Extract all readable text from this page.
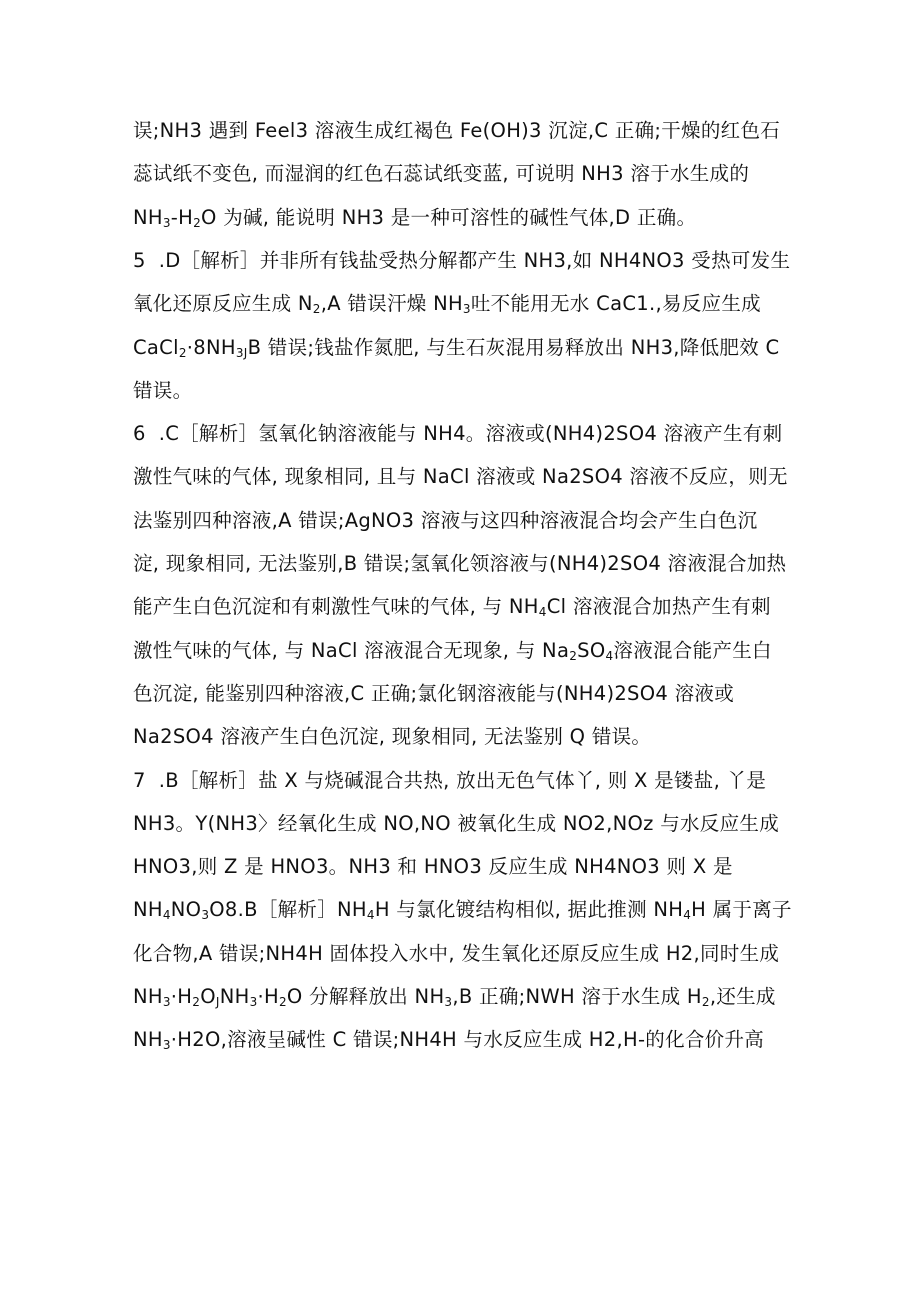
误;NH3 遇到 Feel3 溶液生成红褐色 Fe(OH)3 沉淀,C 正确;干燥的红色石

蕊试纸不变色, 而湿润的红色石蕊试纸变蓝, 可说明 NH3 溶于水生成的

$NH_3-H_2O$ 为碱, 能说明 NH3 是一种可溶性的碱性气体,D 正确。

5  .D［解析］并非所有钱盐受热分解都产生 NH3,如 NH4NO3 受热可发生

氧化还原反应生成 $N_2,A$ 错误汗燥 $NH_3$吐不能用无水 CaC1.,易反应生成

$CaCl_2\cdot 8NH_{3J}B$ 错误;钱盐作氮肥, 与生石灰混用易释放出 NH3,降低肥效 C

错误。

6  .C［解析］氢氧化钠溶液能与 NH4。溶液或(NH4)2SO4 溶液产生有刺

激性气味的气体, 现象相同, 且与 NaCl 溶液或 Na2SO4 溶液不反应，则无

法鉴别四种溶液,A 错误;AgNO3 溶液与这四种溶液混合均会产生白色沉

淀, 现象相同, 无法鉴别,B 错误;氢氧化领溶液与(NH4)2SO4 溶液混合加热

能产生白色沉淀和有刺激性气味的气体, 与 $NH_4Cl$ 溶液混合加热产生有刺

激性气味的气体, 与 NaCl 溶液混合无现象, 与 $Na_2SO_4$溶液混合能产生白

色沉淀, 能鉴别四种溶液,C 正确;氯化钢溶液能与(NH4)2SO4 溶液或

Na2SO4 溶液产生白色沉淀, 现象相同, 无法鉴别 Q 错误。

7  .B［解析］盐 X 与烧碱混合共热, 放出无色气体丫, 则 X 是镂盐, 丫是

NH3。Y(NH3〉经氧化生成 NO,NO 被氧化生成 NO2,NOz 与水反应生成

HNO3,则 Z 是 HNO3。NH3 和 HNO3 反应生成 NH4NO3 则 X 是

$NH_4NO_3O8.B[$解析$]NH_4H$ 与氯化镀结构相似, 据此推测 $NH_4H$ 属于离子

化合物,A 错误;NH4H 固体投入水中, 发生氧化还原反应生成 H2,同时生成

$NH_3\cdot H_2O_JNH_3\cdot H_2O$ 分解释放出 $NH_3,B$ 正确;NWH 溶于水生成 $H_2$,还生成

$NH_3\cdot H2O$,溶液呈碱性 C 错误;NH4H 与水反应生成 H2,H-的化合价升高
